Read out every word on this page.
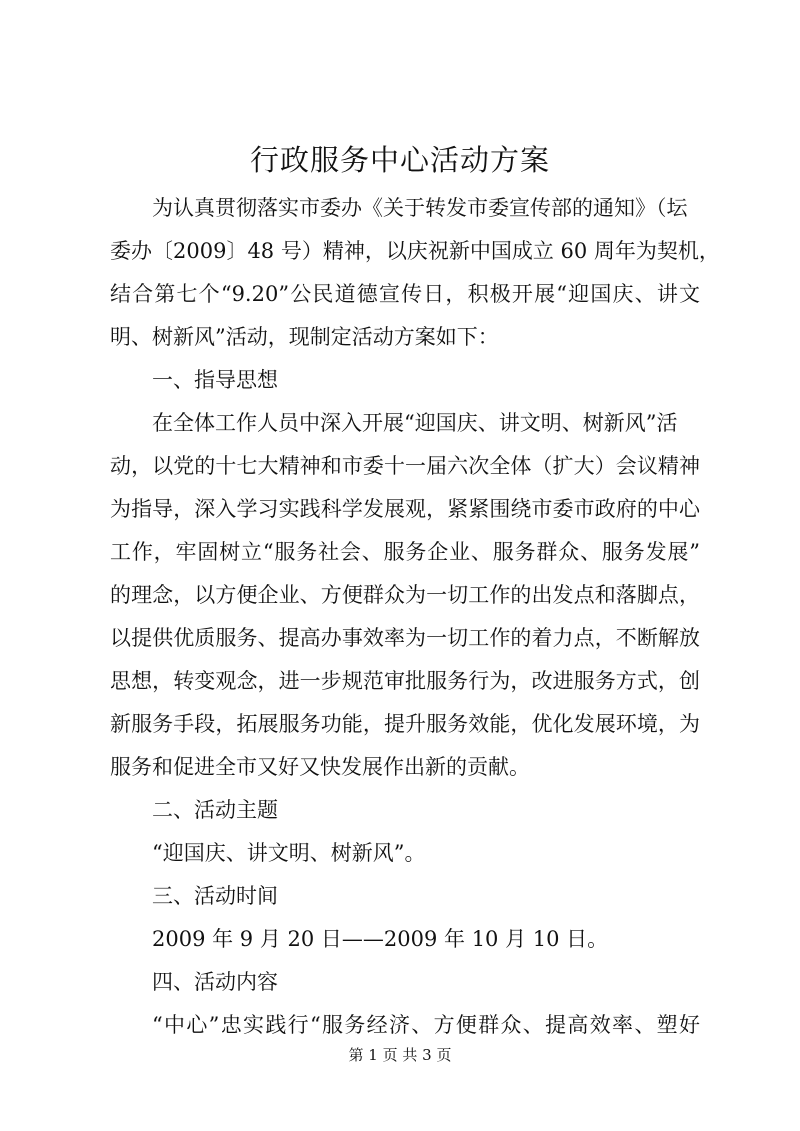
行政服务中心活动方案
为认真贯彻落实市委办《关于转发市委宣传部的通知》（坛
委办〔2009〕48 号）精神，以庆祝新中国成立 60 周年为契机，
结合第七个“9.20”公民道德宣传日，积极开展“迎国庆、讲文
明、树新风”活动，现制定活动方案如下：
一、指导思想
在全体工作人员中深入开展“迎国庆、讲文明、树新风”活
动，以党的十七大精神和市委十一届六次全体（扩大）会议精神
为指导，深入学习实践科学发展观，紧紧围绕市委市政府的中心
工作，牢固树立“服务社会、服务企业、服务群众、服务发展”
的理念，以方便企业、方便群众为一切工作的出发点和落脚点，
以提供优质服务、提高办事效率为一切工作的着力点，不断解放
思想，转变观念，进一步规范审批服务行为，改进服务方式，创
新服务手段，拓展服务功能，提升服务效能，优化发展环境，为
服务和促进全市又好又快发展作出新的贡献。
二、活动主题
“迎国庆、讲文明、树新风”。
三、活动时间
2009 年 9 月 20 日——2009 年 10 月 10 日。
四、活动内容
“中心”忠实践行“服务经济、方便群众、提高效率、塑好
第 1 页 共 3 页
